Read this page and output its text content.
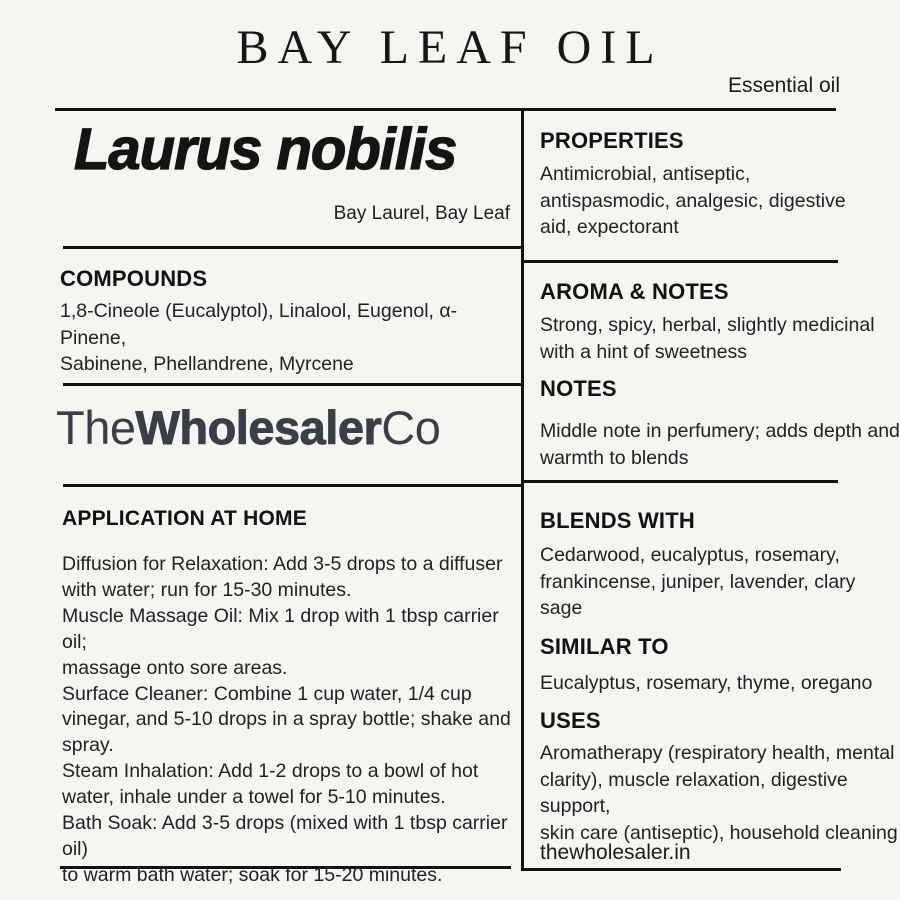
BAY LEAF OIL
Essential oil
Laurus nobilis
Bay Laurel, Bay Leaf
COMPOUNDS
1,8-Cineole (Eucalyptol), Linalool, Eugenol, α-Pinene,
Sabinene, Phellandrene, Myrcene
TheWholesalerCo
APPLICATION AT HOME
Diffusion for Relaxation: Add 3-5 drops to a diffuser
with water; run for 15-30 minutes.
Muscle Massage Oil: Mix 1 drop with 1 tbsp carrier oil;
massage onto sore areas.
Surface Cleaner: Combine 1 cup water, 1/4 cup
vinegar, and 5-10 drops in a spray bottle; shake and
spray.
Steam Inhalation: Add 1-2 drops to a bowl of hot
water, inhale under a towel for 5-10 minutes.
Bath Soak: Add 3-5 drops (mixed with 1 tbsp carrier oil)
to warm bath water; soak for 15-20 minutes.
PROPERTIES
Antimicrobial, antiseptic,
antispasmodic, analgesic, digestive
aid, expectorant
AROMA & NOTES
Strong, spicy, herbal, slightly medicinal
with a hint of sweetness
NOTES
Middle note in perfumery; adds depth and
warmth to blends
BLENDS WITH
Cedarwood, eucalyptus, rosemary,
frankincense, juniper, lavender, clary
sage
SIMILAR TO
Eucalyptus, rosemary, thyme, oregano
USES
Aromatherapy (respiratory health, mental
clarity), muscle relaxation, digestive support,
skin care (antiseptic), household cleaning
thewholesaler.in
